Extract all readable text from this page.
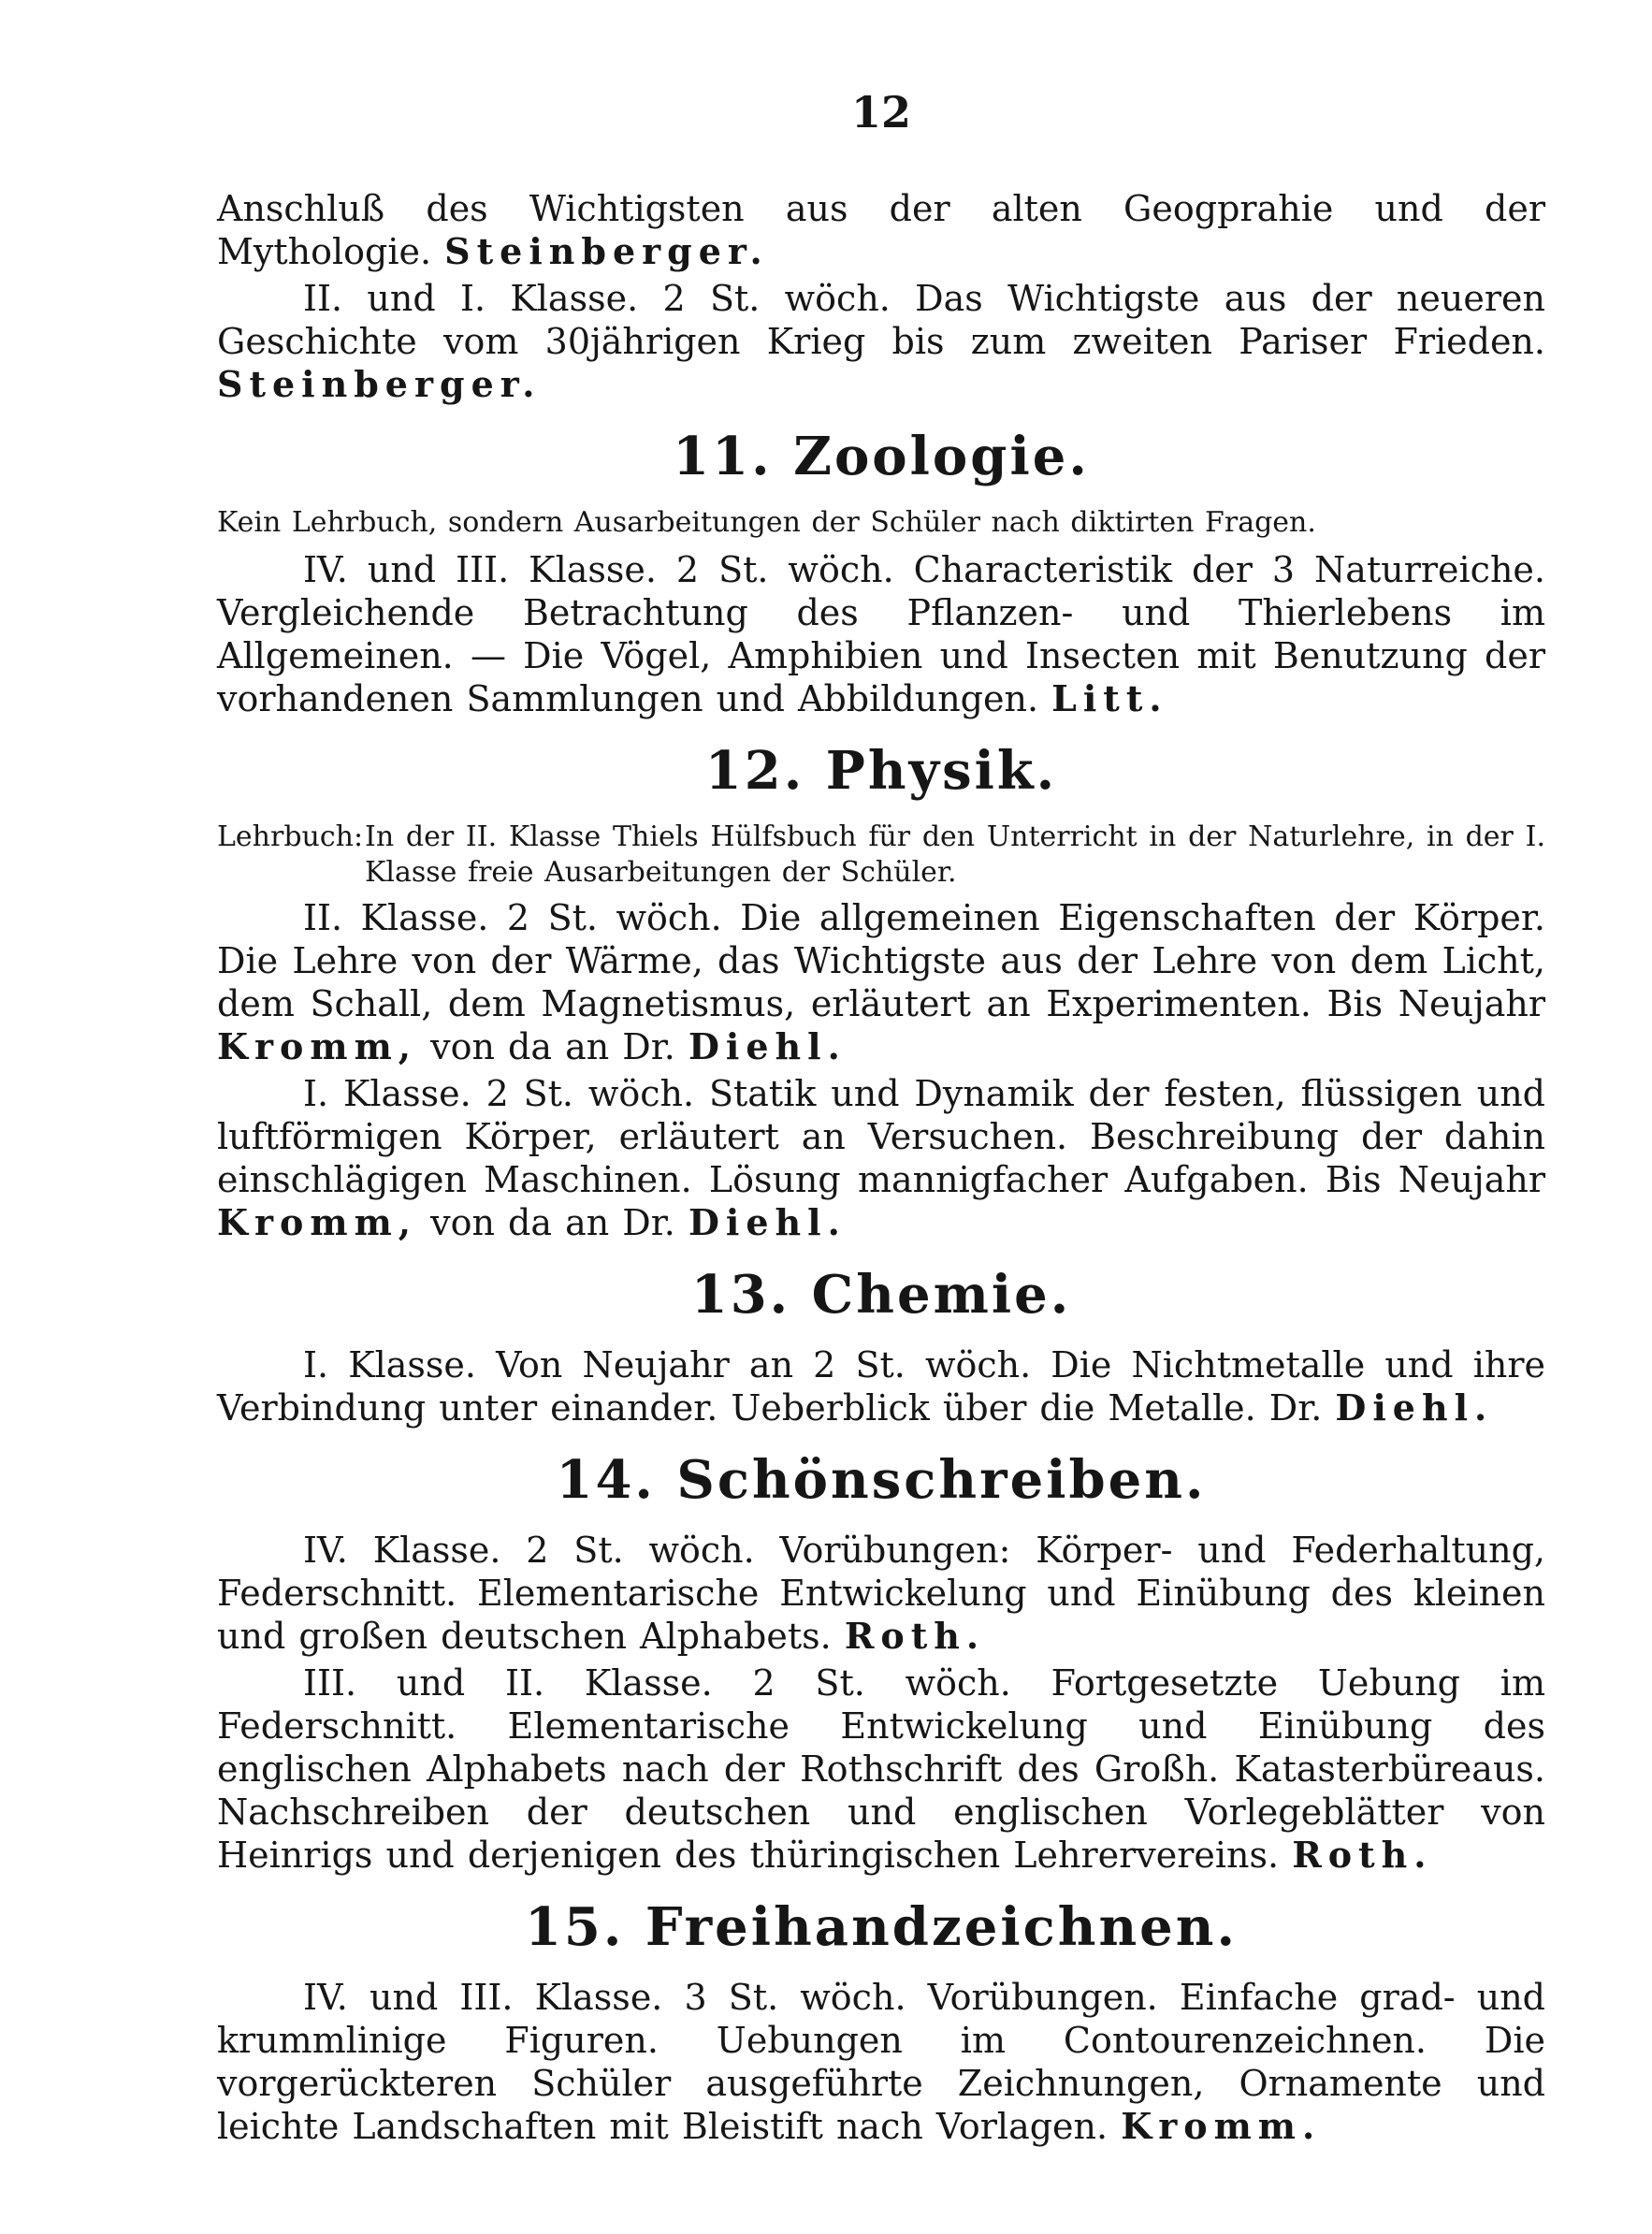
12

Anschluß des Wichtigsten aus der alten Geogprahie und der Mythologie. Steinberger.

II. und I. Klasse. 2 St. wöch. Das Wichtigste aus der neueren Geschichte vom 30jährigen Krieg bis zum zweiten Pariser Frieden. Steinberger.

11. Zoologie.

Kein Lehrbuch, sondern Ausarbeitungen der Schüler nach diktirten Fragen.

IV. und III. Klasse. 2 St. wöch. Characteristik der 3 Naturreiche. Vergleichende Betrachtung des Pflanzen- und Thierlebens im Allgemeinen. — Die Vögel, Amphibien und Insecten mit Benutzung der vorhandenen Sammlungen und Abbildungen. Litt.

12. Physik.

Lehrbuch:In der II. Klasse Thiels Hülfsbuch für den Unterricht in der Naturlehre, in der I. Klasse freie Ausarbeitungen der Schüler.

II. Klasse. 2 St. wöch. Die allgemeinen Eigenschaften der Körper. Die Lehre von der Wärme, das Wichtigste aus der Lehre von dem Licht, dem Schall, dem Magnetismus, erläutert an Experimenten. Bis Neujahr Kromm, von da an Dr. Diehl.

I. Klasse. 2 St. wöch. Statik und Dynamik der festen, flüssigen und luftförmigen Körper, erläutert an Versuchen. Beschreibung der dahin einschlägigen Maschinen. Lösung mannigfacher Aufgaben. Bis Neujahr Kromm, von da an Dr. Diehl.

13. Chemie.

I. Klasse. Von Neujahr an 2 St. wöch. Die Nichtmetalle und ihre Verbindung unter einander. Ueberblick über die Metalle. Dr. Diehl.

14. Schönschreiben.

IV. Klasse. 2 St. wöch. Vorübungen: Körper- und Federhaltung, Federschnitt. Elementarische Entwickelung und Einübung des kleinen und großen deutschen Alphabets. Roth.

III. und II. Klasse. 2 St. wöch. Fortgesetzte Uebung im Federschnitt. Elementarische Entwickelung und Einübung des englischen Alphabets nach der Rothschrift des Großh. Katasterbüreaus. Nachschreiben der deutschen und englischen Vorlegeblätter von Heinrigs und derjenigen des thüringischen Lehrervereins. Roth.

15. Freihandzeichnen.

IV. und III. Klasse. 3 St. wöch. Vorübungen. Einfache grad- und krummlinige Figuren. Uebungen im Contourenzeichnen. Die vorgerückteren Schüler ausgeführte Zeichnungen, Ornamente und leichte Landschaften mit Bleistift nach Vorlagen. Kromm.
